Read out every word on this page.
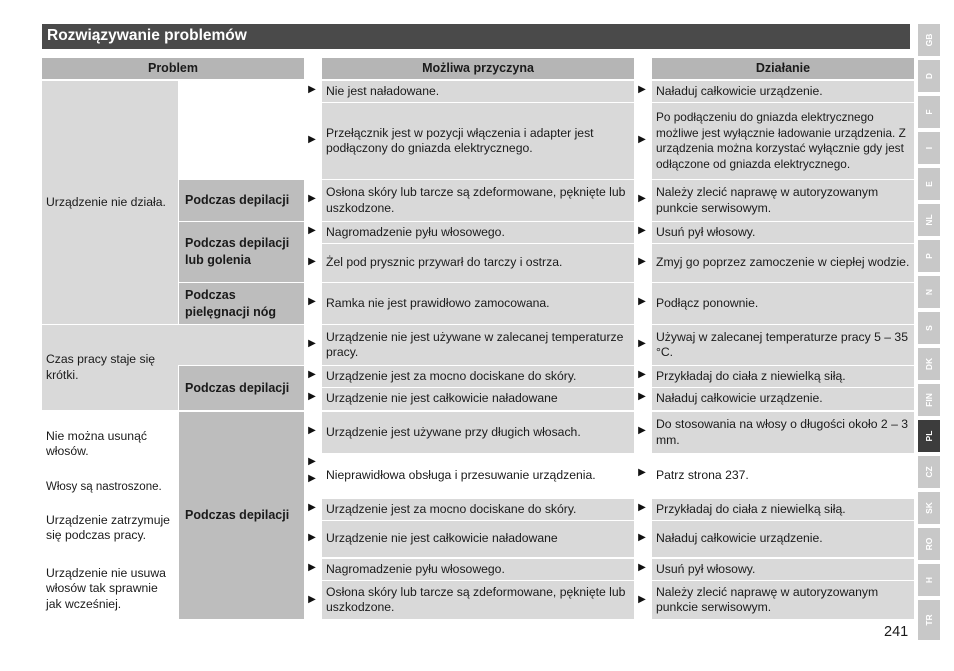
Rozwiązywanie problemów
Problem	Możliwa przyczyna	Działanie
Urządzenie nie działa.
Czas pracy staje się krótki.
Nie można usunąć włosów.
Włosy są nastroszone.
Urządzenie zatrzymuje się podczas pracy.
Urządzenie nie usuwa włosów tak sprawnie jak wcześniej.
Podczas depilacji
Podczas depilacji lub golenia
Podczas pielęgnacji nóg
Podczas depilacji
Podczas depilacji
Nie jest naładowane.
Przełącznik jest w pozycji włączenia i adapter jest podłączony do gniazda elektrycznego.
Osłona skóry lub tarcze są zdeformowane, pęknięte lub uszkodzone.
Nagromadzenie pyłu włosowego.
Żel pod prysznic przywarł do tarczy i ostrza.
Ramka nie jest prawidłowo zamocowana.
Urządzenie nie jest używane w zalecanej temperaturze pracy.
Urządzenie jest za mocno dociskane do skóry.
Urządzenie nie jest całkowicie naładowane
Urządzenie jest używane przy długich włosach.
Nieprawidłowa obsługa i przesuwanie urządzenia.
Urządzenie jest za mocno dociskane do skóry.
Urządzenie nie jest całkowicie naładowane
Nagromadzenie pyłu włosowego.
Osłona skóry lub tarcze są zdeformowane, pęknięte lub uszkodzone.
Naładuj całkowicie urządzenie.
Po podłączeniu do gniazda elektrycznego możliwe jest wyłącznie ładowanie urządzenia. Z urządzenia można korzystać wyłącznie gdy jest odłączone od gniazda elektrycznego.
Należy zlecić naprawę w autoryzowanym punkcie serwisowym.
Usuń pył włosowy.
Zmyj go poprzez zamoczenie w ciepłej wodzie.
Podłącz ponownie.
Używaj w zalecanej temperaturze pracy 5 – 35 °C.
Przykładaj do ciała z niewielką siłą.
Naładuj całkowicie urządzenie.
Do stosowania na włosy o długości około 2 – 3 mm.
Patrz strona 237.
Przykładaj do ciała z niewielką siłą.
Naładuj całkowicie urządzenie.
Usuń pył włosowy.
Należy zlecić naprawę w autoryzowanym punkcie serwisowym.
▶
▶
▶
▶
▶
▶
▶
▶
▶
▶
▶
▶
▶
▶
▶
▶
▶
▶
▶
▶
▶
▶
▶
▶
▶
▶
▶
▶
▶
▶
▶
GB
D
F
I
E
NL
P
N
S
DK
FIN
PL
CZ
SK
RO
H
TR
241
